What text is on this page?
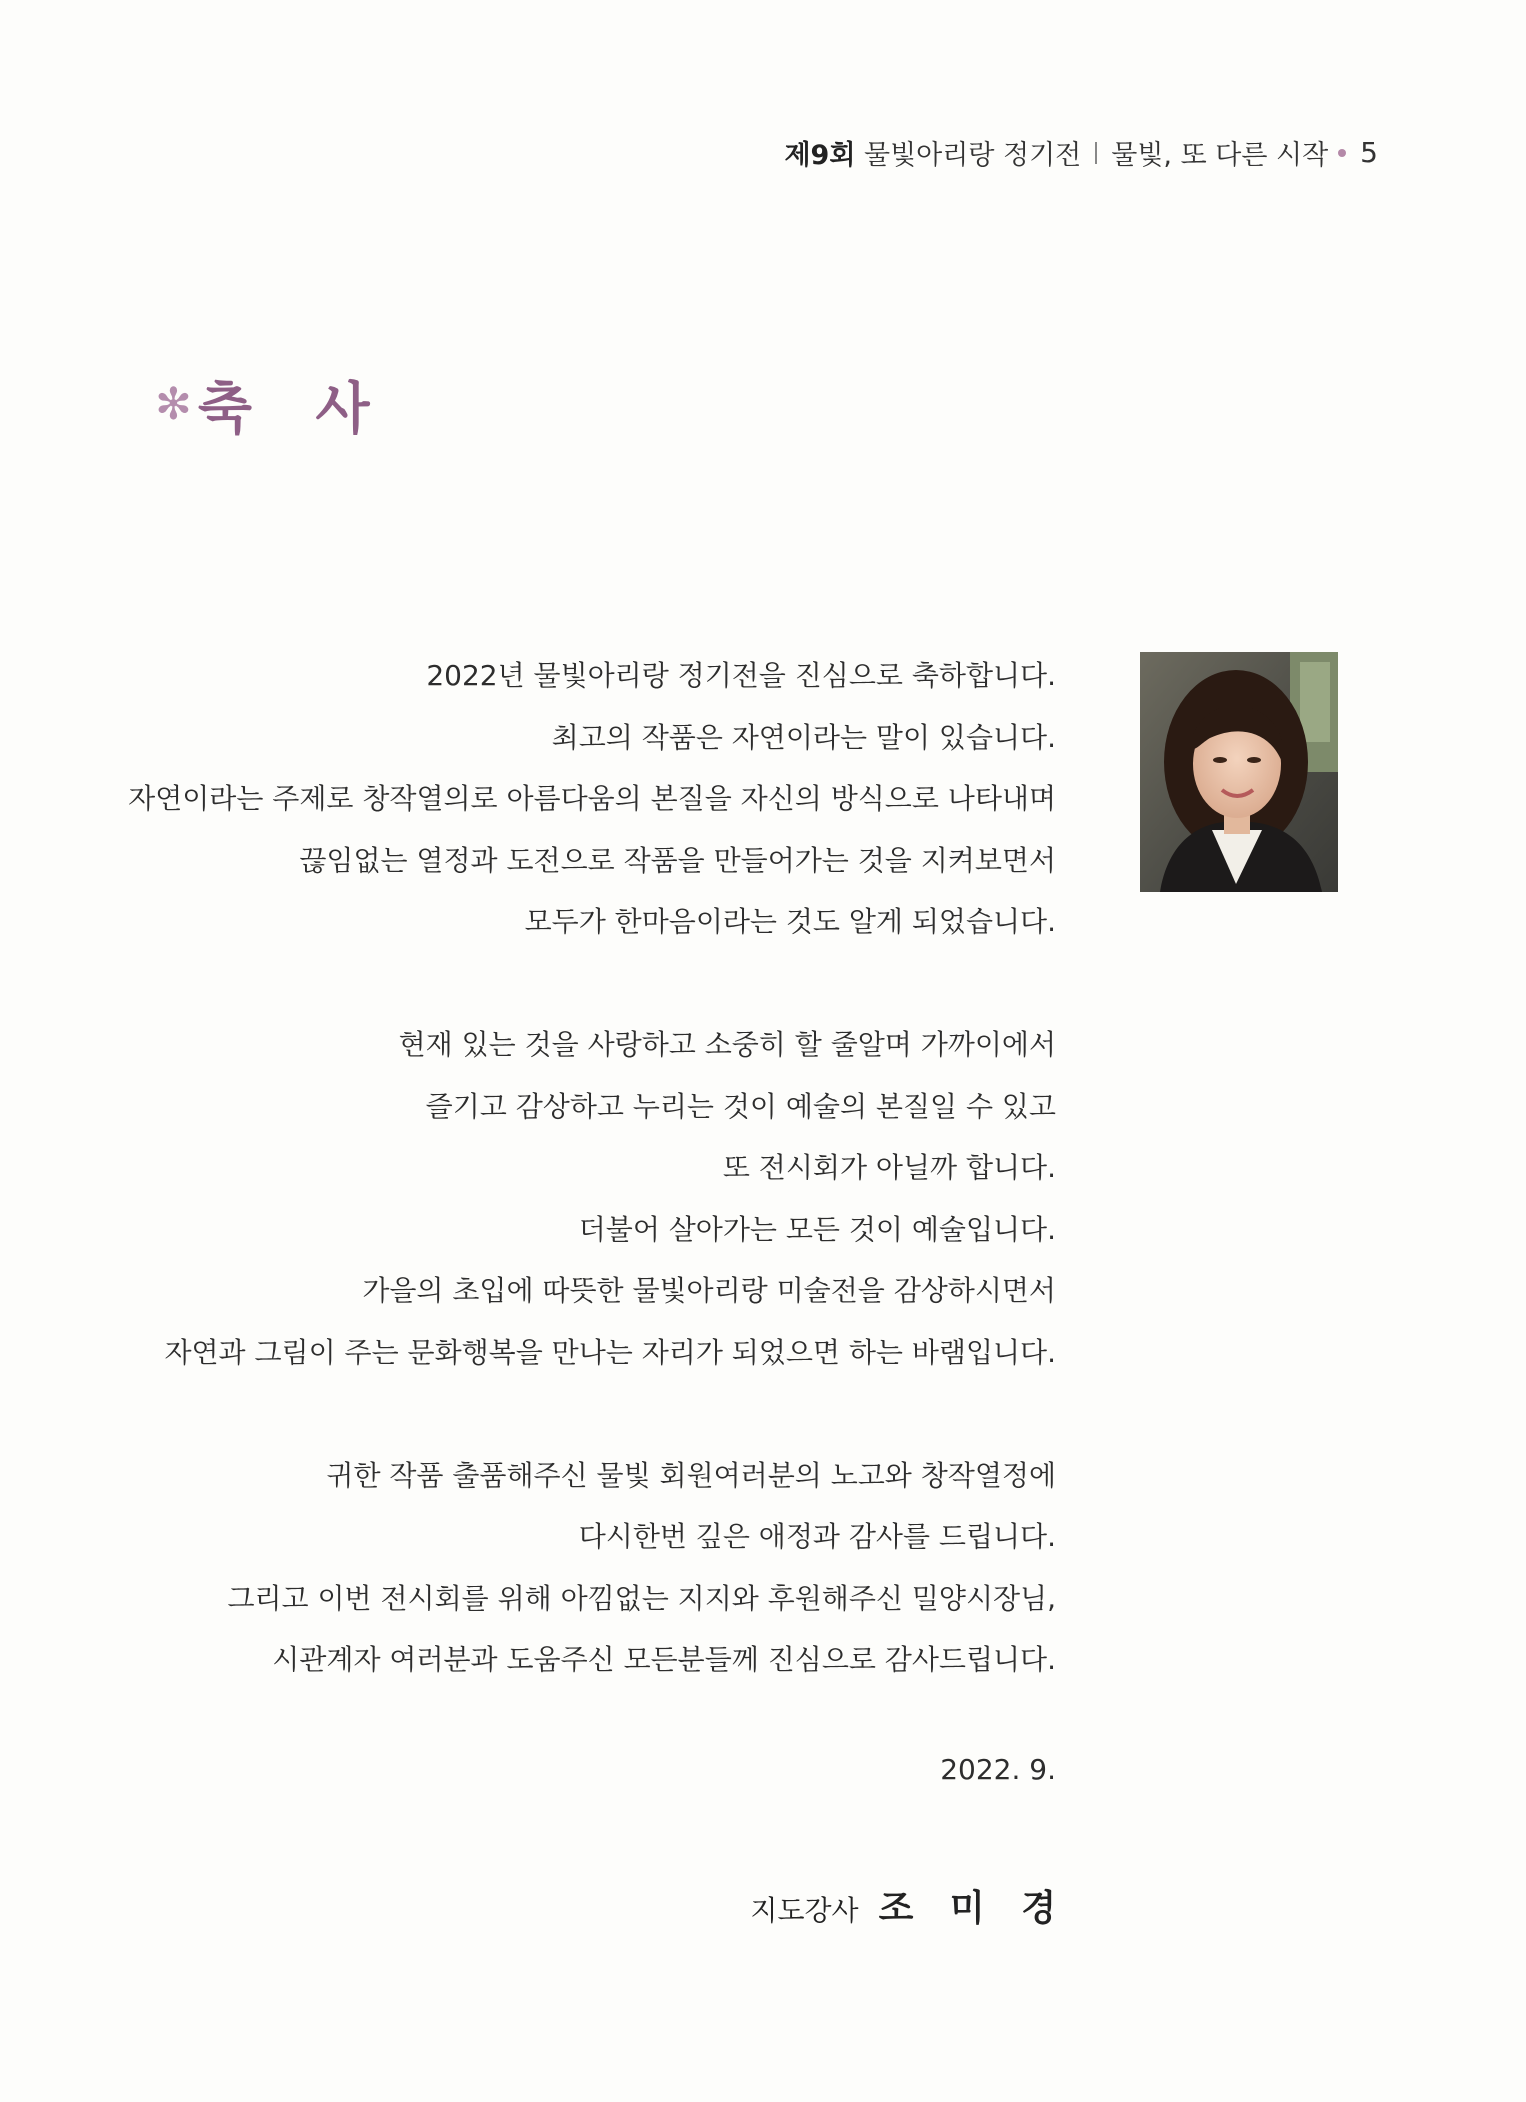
제9회
물빛아리랑 정기전 물빛, 또 다른 시작 5
✻ 축 사

2022년 물빛아리랑 정기전을 진심으로 축하합니다.
최고의 작품은 자연이라는 말이 있습니다.
자연이라는 주제로 창작열의로 아름다움의 본질을 자신의 방식으로 나타내며
끊임없는 열정과 도전으로 작품을 만들어가는 것을 지켜보면서
모두가 한마음이라는 것도 알게 되었습니다.

현재 있는 것을 사랑하고 소중히 할 줄알며 가까이에서
즐기고 감상하고 누리는 것이 예술의 본질일 수 있고
또 전시회가 아닐까 합니다.
더불어 살아가는 모든 것이 예술입니다.
가을의 초입에 따뜻한 물빛아리랑 미술전을 감상하시면서
자연과 그림이 주는 문화행복을 만나는 자리가 되었으면 하는 바램입니다.

귀한 작품 출품해주신 물빛 회원여러분의 노고와 창작열정에
다시한번 깊은 애정과 감사를 드립니다.
그리고 이번 전시회를 위해 아낌없는 지지와 후원해주신 밀양시장님,
시관계자 여러분과 도움주신 모든분들께 진심으로 감사드립니다.

2022. 9.
지도강사 조 미 경
